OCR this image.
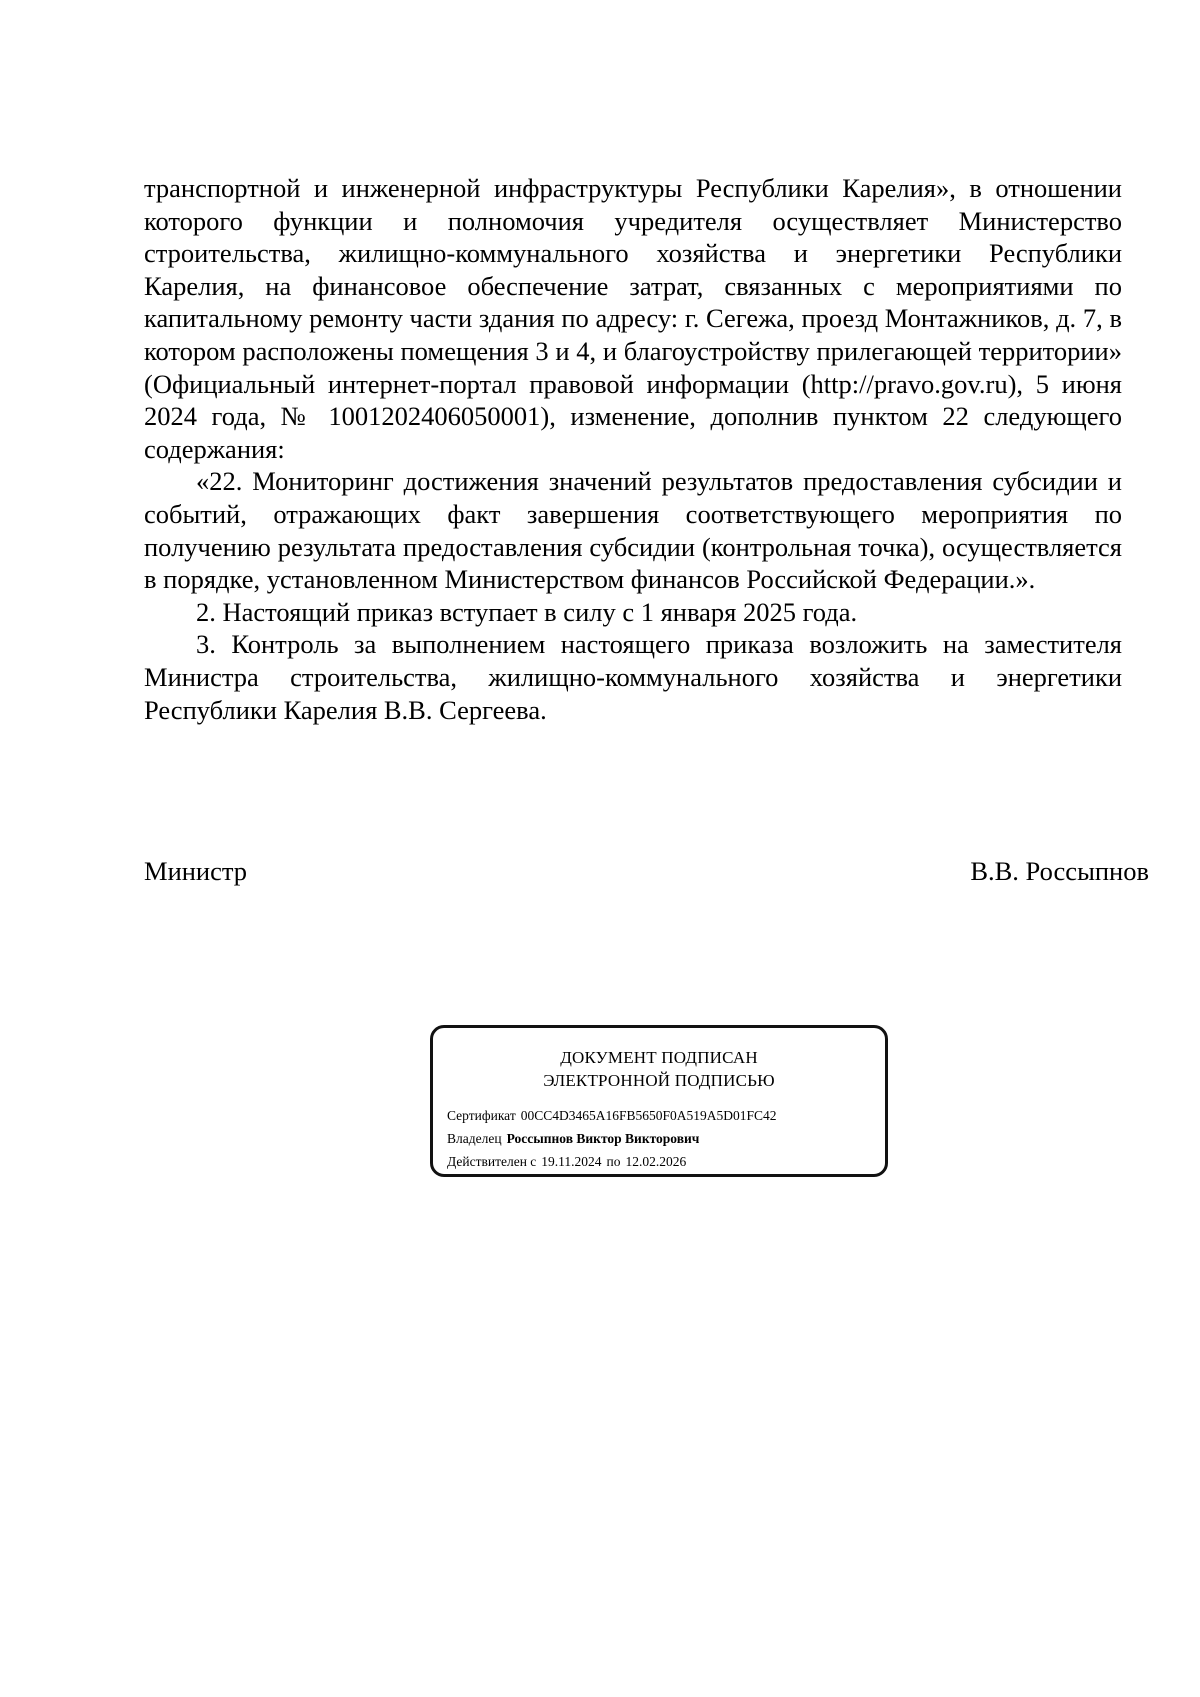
транспортной и инженерной инфраструктуры Республики Карелия», в отношении которого функции и полномочия учредителя осуществляет Министерство строительства, жилищно-коммунального хозяйства и энергетики Республики Карелия, на финансовое обеспечение затрат, связанных с мероприятиями по капитальному ремонту части здания по адресу: г. Сегежа, проезд Монтажников, д. 7, в котором расположены помещения 3 и 4, и благоустройству прилегающей территории» (Официальный интернет-портал правовой информации (http://pravo.gov.ru), 5 июня 2024 года, № 1001202406050001), изменение, дополнив пунктом 22 следующего содержания:

«22. Мониторинг достижения значений результатов предоставления субсидии и событий, отражающих факт завершения соответствующего мероприятия по получению результата предоставления субсидии (контрольная точка), осуществляется в порядке, установленном Министерством финансов Российской Федерации.».

2. Настоящий приказ вступает в силу с 1 января 2025 года.

3. Контроль за выполнением настоящего приказа возложить на заместителя Министра строительства, жилищно-коммунального хозяйства и энергетики Республики Карелия В.В. Сергеева.

Министр	В.В. Россыпнов
ДОКУМЕНТ ПОДПИСАН
ЭЛЕКТРОННОЙ ПОДПИСЬЮ
Сертификат 00CC4D3465A16FB5650F0A519A5D01FC42
Владелец Россыпнов Виктор Викторович
Действителен с 19.11.2024 по 12.02.2026
